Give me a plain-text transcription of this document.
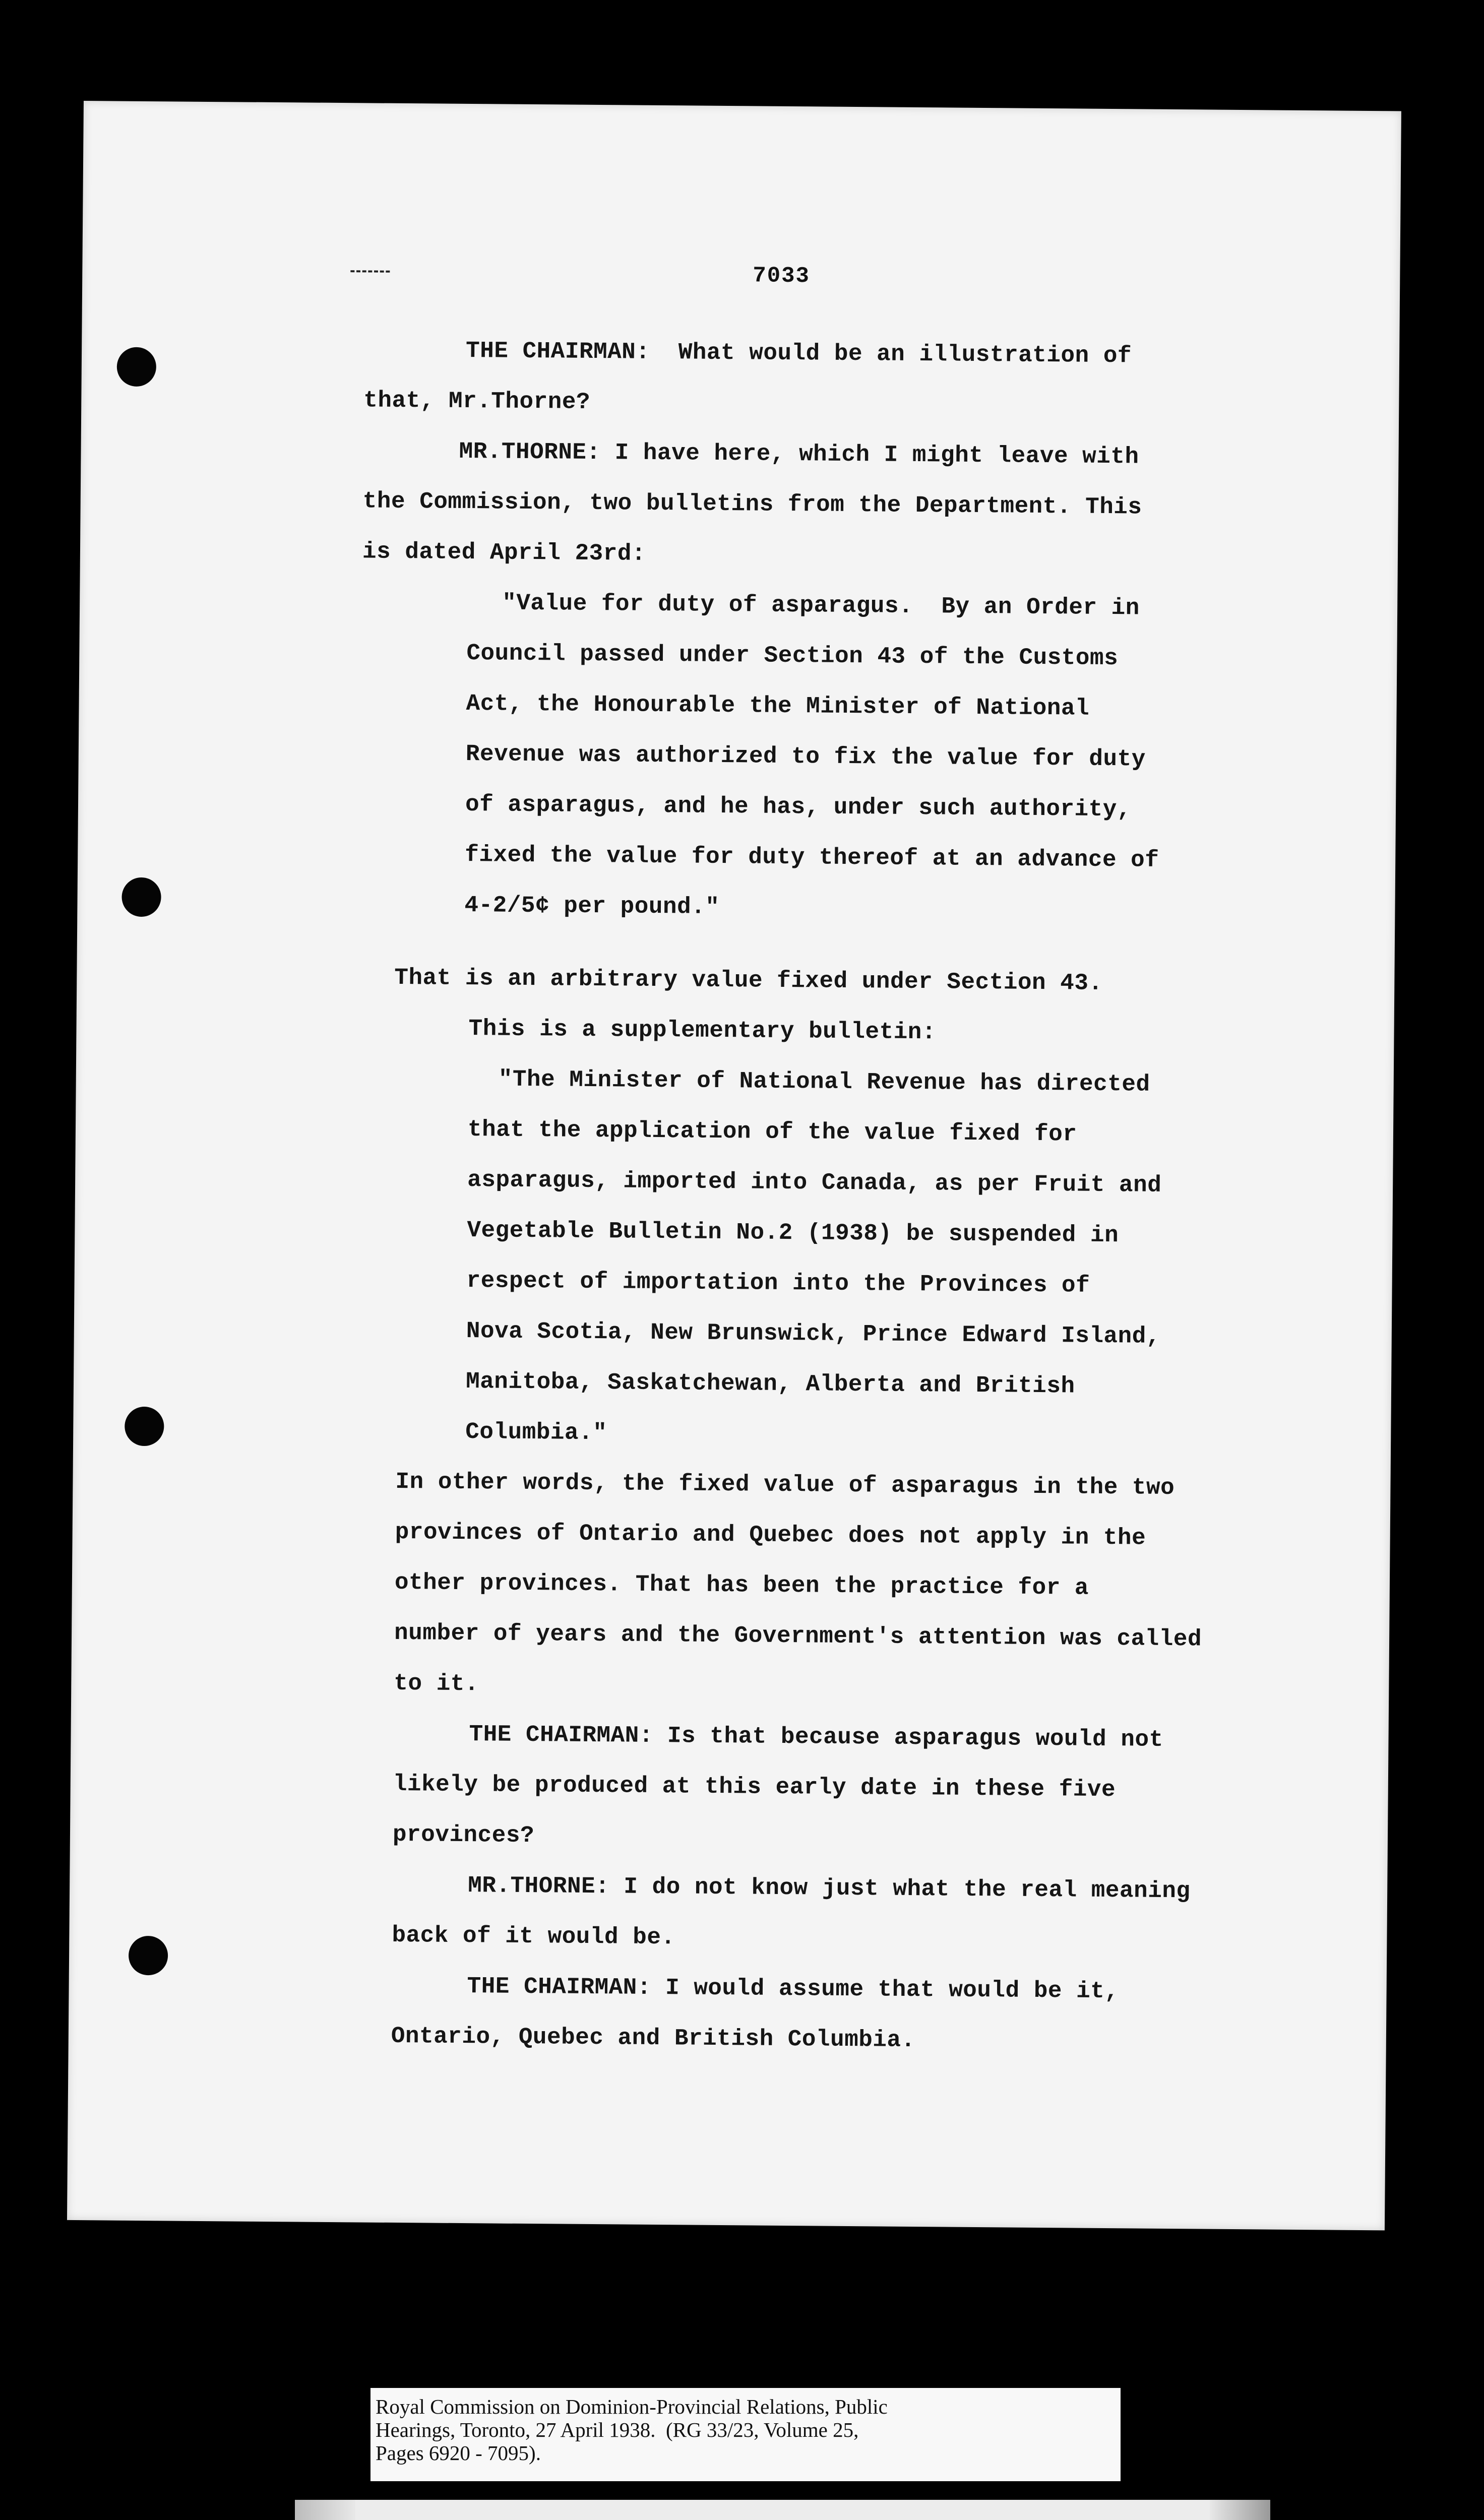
7033
THE CHAIRMAN:  What would be an illustration of
that, Mr.Thorne?
MR.THORNE: I have here, which I might leave with
the Commission, two bulletins from the Department. This
is dated April 23rd:
"Value for duty of asparagus.  By an Order in
Council passed under Section 43 of the Customs
Act, the Honourable the Minister of National
Revenue was authorized to fix the value for duty
of asparagus, and he has, under such authority,
fixed the value for duty thereof at an advance of
4-2/5¢ per pound."
That is an arbitrary value fixed under Section 43.
This is a supplementary bulletin:
"The Minister of National Revenue has directed
that the application of the value fixed for
asparagus, imported into Canada, as per Fruit and
Vegetable Bulletin No.2 (1938) be suspended in
respect of importation into the Provinces of
Nova Scotia, New Brunswick, Prince Edward Island,
Manitoba, Saskatchewan, Alberta and British
Columbia."
In other words, the fixed value of asparagus in the two
provinces of Ontario and Quebec does not apply in the
other provinces. That has been the practice for a
number of years and the Government's attention was called
to it.
THE CHAIRMAN: Is that because asparagus would not
likely be produced at this early date in these five
provinces?
MR.THORNE: I do not know just what the real meaning
back of it would be.
THE CHAIRMAN: I would assume that would be it,
Ontario, Quebec and British Columbia.
Royal Commission on Dominion-Provincial Relations, Public
Hearings, Toronto, 27 April 1938.  (RG 33/23, Volume 25,
Pages 6920 - 7095).
